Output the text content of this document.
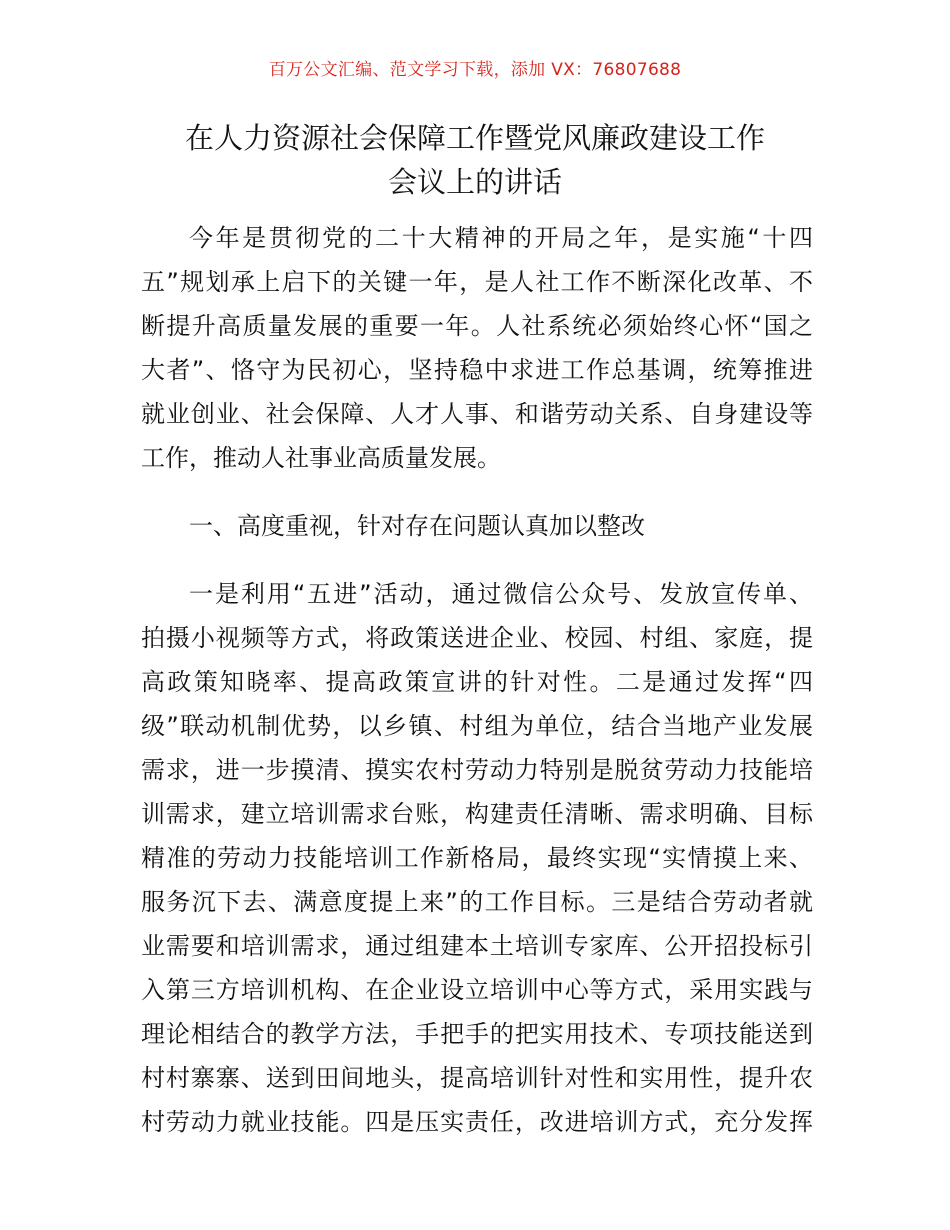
百万公文汇编、范文学习下载，添加 VX：76807688
在人力资源社会保障工作暨党风廉政建设工作
会议上的讲话
今年是贯彻党的二十大精神的开局之年，是实施“十四
五”规划承上启下的关键一年，是人社工作不断深化改革、不
断提升高质量发展的重要一年。人社系统必须始终心怀“国之
大者”、恪守为民初心，坚持稳中求进工作总基调，统筹推进
就业创业、社会保障、人才人事、和谐劳动关系、自身建设等
工作，推动人社事业高质量发展。
一、高度重视，针对存在问题认真加以整改
一是利用“五进”活动，通过微信公众号、发放宣传单、
拍摄小视频等方式，将政策送进企业、校园、村组、家庭，提
高政策知晓率、提高政策宣讲的针对性。二是通过发挥“四
级”联动机制优势，以乡镇、村组为单位，结合当地产业发展
需求，进一步摸清、摸实农村劳动力特别是脱贫劳动力技能培
训需求，建立培训需求台账，构建责任清晰、需求明确、目标
精准的劳动力技能培训工作新格局，最终实现“实情摸上来、
服务沉下去、满意度提上来”的工作目标。三是结合劳动者就
业需要和培训需求，通过组建本土培训专家库、公开招投标引
入第三方培训机构、在企业设立培训中心等方式，采用实践与
理论相结合的教学方法，手把手的把实用技术、专项技能送到
村村寨寨、送到田间地头，提高培训针对性和实用性，提升农
村劳动力就业技能。四是压实责任，改进培训方式，充分发挥
